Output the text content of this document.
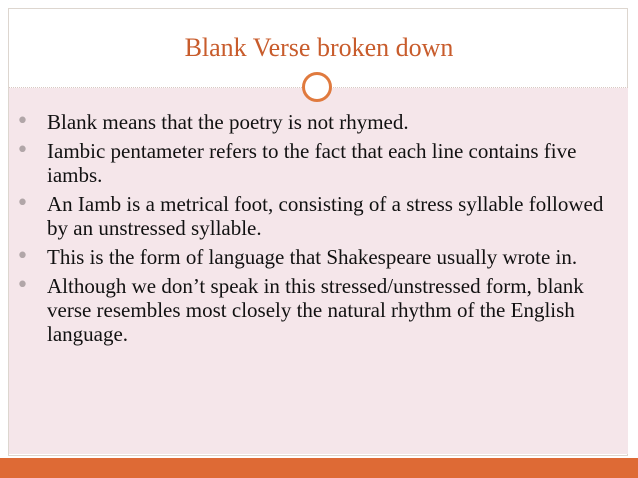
Blank Verse broken down
• Blank means that the poetry is not rhymed.
• Iambic pentameter refers to the fact that each line contains five iambs.
• An Iamb is a metrical foot, consisting of a stress syllable followed by an unstressed syllable.
• This is the form of language that Shakespeare usually wrote in.
• Although we don’t speak in this stressed/unstressed form, blank verse resembles most closely the natural rhythm of the English language.
